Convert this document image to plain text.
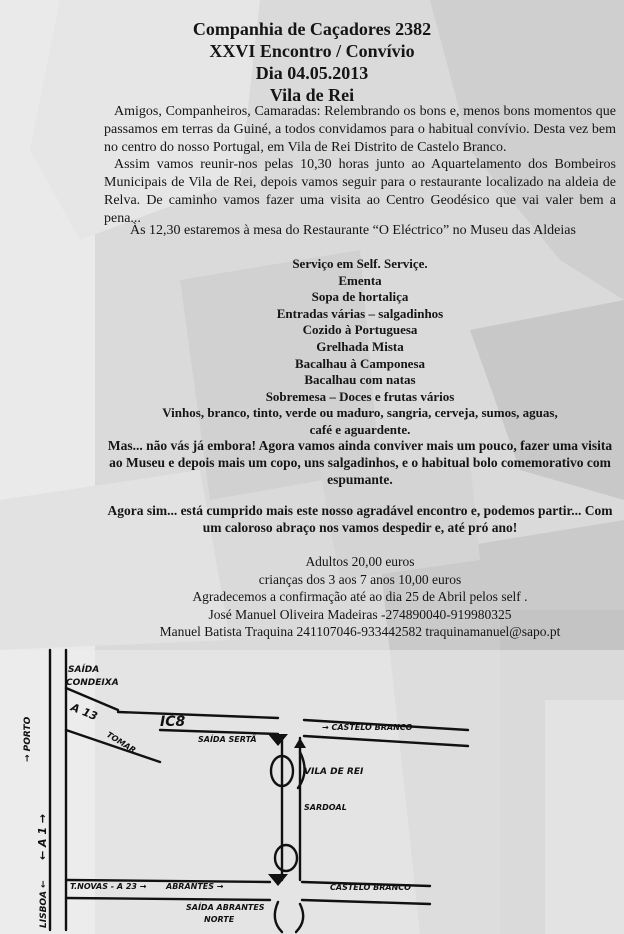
Companhia de Caçadores 2382
XXVI Encontro / Convívio
Dia 04.05.2013
Vila de Rei
Amigos, Companheiros, Camaradas: Relembrando os bons e, menos bons momentos que passamos em terras da Guiné, a todos convidamos para o habitual convívio. Desta vez bem no centro do nosso Portugal, em Vila de Rei Distrito de Castelo Branco.
Assim vamos reunir-nos pelas 10,30 horas junto ao Aquartelamento dos Bombeiros Municipais de Vila de Rei, depois vamos seguir para o restaurante localizado na aldeia de Relva. De caminho vamos fazer uma visita ao Centro Geodésico que vai valer bem a pena...
Às 12,30 estaremos à mesa do Restaurante “O Eléctrico” no Museu das Aldeias
Serviço em Self. Serviçe.
Ementa
Sopa de hortaliça
Entradas várias – salgadinhos
Cozido à Portuguesa
Grelhada Mista
Bacalhau à Camponesa
Bacalhau com natas
Sobremesa – Doces e frutas vários
Vinhos, branco, tinto, verde ou maduro, sangria, cerveja, sumos, aguas,
café e aguardente.
Mas... não vás já embora! Agora vamos ainda conviver mais um pouco, fazer uma visita ao Museu e depois mais um copo, uns salgadinhos, e o habitual bolo comemorativo com espumante.
Agora sim... está cumprido mais este nosso agradável encontro e, podemos partir... Com um caloroso abraço nos vamos despedir e, até pró ano!
Adultos 20,00 euros
crianças dos 3 aos 7 anos 10,00 euros
Agradecemos a confirmação até ao dia 25 de Abril pelos self .
José Manuel Oliveira Madeiras -274890040-919980325
Manuel Batista Traquina 241107046-933442582 traquinamanuel@sapo.pt
SAÍDA
CONDEIXA
A 13	IC8
TOMAR
→ CASTELO BRANCO
SAÍDA SERTÃ
VILA DE REI
SARDOAL
→ PORTO
← A 1 →
LISBOA ←	T.NOVAS - A 23 → ABRANTES →	CASTELO BRANCO
SAÍDA ABRANTES
NORTE
